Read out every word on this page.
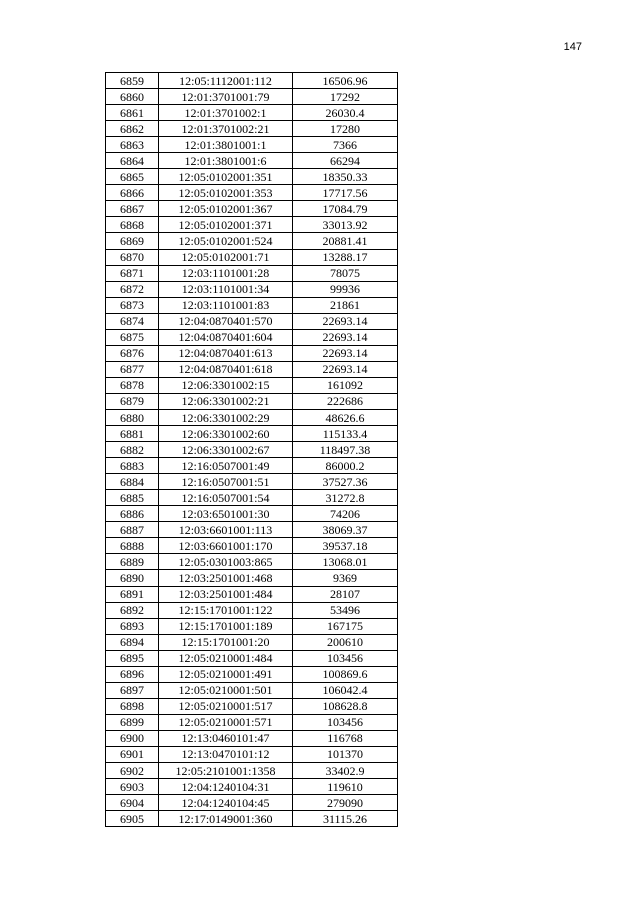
147
6859	12:05:1112001:112	16506.96
6860	12:01:3701001:79	17292
6861	12:01:3701002:1	26030.4
6862	12:01:3701002:21	17280
6863	12:01:3801001:1	7366
6864	12:01:3801001:6	66294
6865	12:05:0102001:351	18350.33
6866	12:05:0102001:353	17717.56
6867	12:05:0102001:367	17084.79
6868	12:05:0102001:371	33013.92
6869	12:05:0102001:524	20881.41
6870	12:05:0102001:71	13288.17
6871	12:03:1101001:28	78075
6872	12:03:1101001:34	99936
6873	12:03:1101001:83	21861
6874	12:04:0870401:570	22693.14
6875	12:04:0870401:604	22693.14
6876	12:04:0870401:613	22693.14
6877	12:04:0870401:618	22693.14
6878	12:06:3301002:15	161092
6879	12:06:3301002:21	222686
6880	12:06:3301002:29	48626.6
6881	12:06:3301002:60	115133.4
6882	12:06:3301002:67	118497.38
6883	12:16:0507001:49	86000.2
6884	12:16:0507001:51	37527.36
6885	12:16:0507001:54	31272.8
6886	12:03:6501001:30	74206
6887	12:03:6601001:113	38069.37
6888	12:03:6601001:170	39537.18
6889	12:05:0301003:865	13068.01
6890	12:03:2501001:468	9369
6891	12:03:2501001:484	28107
6892	12:15:1701001:122	53496
6893	12:15:1701001:189	167175
6894	12:15:1701001:20	200610
6895	12:05:0210001:484	103456
6896	12:05:0210001:491	100869.6
6897	12:05:0210001:501	106042.4
6898	12:05:0210001:517	108628.8
6899	12:05:0210001:571	103456
6900	12:13:0460101:47	116768
6901	12:13:0470101:12	101370
6902	12:05:2101001:1358	33402.9
6903	12:04:1240104:31	119610
6904	12:04:1240104:45	279090
6905	12:17:0149001:360	31115.26
